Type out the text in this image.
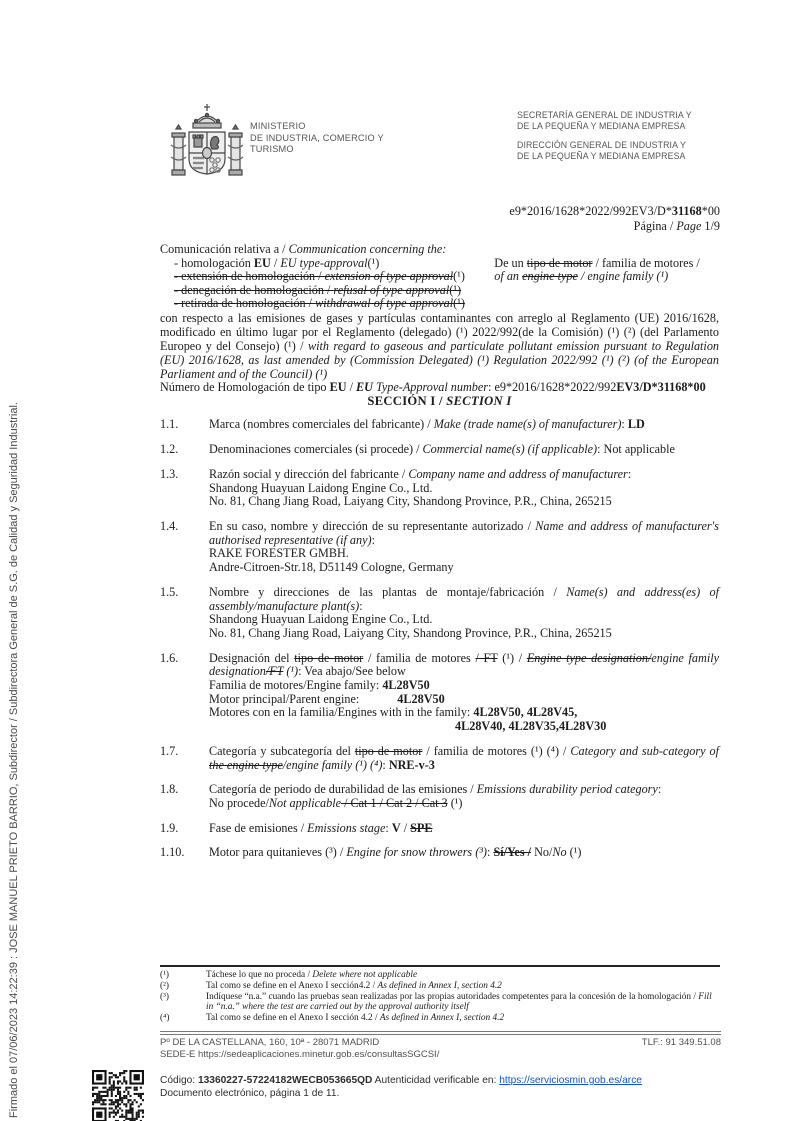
Firmado el 07/06/2023 14:22:39 : JOSE MANUEL PRIETO BARRIO, Subdirector / Subdirectora General de S.G. de Calidad y Seguridad Industrial.
MINISTERIO
DE INDUSTRIA, COMERCIO Y
TURISMO
SECRETARÍA GENERAL DE INDUSTRIA Y
DE LA PEQUEÑA Y MEDIANA EMPRESA
DIRECCIÓN GENERAL DE INDUSTRIA Y
DE LA PEQUEÑA Y MEDIANA EMPRESA
e9*2016/1628*2022/992EV3/D*31168*00
Página / Page 1/9

Comunicación relativa a / Communication concerning the:

- homologación EU / EU type-approval(¹)

- extensión de homologación / extension of type approval(¹)

- denegación de homologación / refusal of type approval(¹)

- retirada de homologación / withdrawal of type approval(¹)

De un tipo de motor / familia de motores /

of an engine type / engine family (¹)

con respecto a las emisiones de gases y partículas contaminantes con arreglo al Reglamento (UE) 2016/1628, modificado en último lugar por el Reglamento (delegado) (¹) 2022/992(de la Comisión) (¹) (²) (del Parlamento Europeo y del Consejo) (¹) / with regard to gaseous and particulate pollutant emission pursuant to Regulation (EU) 2016/1628, as last amended by (Commission Delegated) (¹) Regulation 2022/992 (¹) (²) (of the European Parliament and of the Council) (¹)

Número de Homologación de tipo EU / EU Type-Approval number: e9*2016/1628*2022/992EV3/D*31168*00

SECCIÓN I / SECTION I

1.1.	Marca (nombres comerciales del fabricante) / Make (trade name(s) of manufacturer): LD

1.2.	Denominaciones comerciales (si procede) / Commercial name(s) (if applicable): Not applicable

1.3.	Razón social y dirección del fabricante / Company name and address of manufacturer:

Shandong Huayuan Laidong Engine Co., Ltd.

No. 81, Chang Jiang Road, Laiyang City, Shandong Province, P.R., China, 265215

1.4.	En su caso, nombre y dirección de su representante autorizado / Name and address of manufacturer's authorised representative (if any):

RAKE FORESTER GMBH.

Andre-Citroen-Str.18, D51149 Cologne, Germany

1.5.	Nombre y direcciones de las plantas de montaje/fabricación / Name(s) and address(es) of assembly/manufacture plant(s):

Shandong Huayuan Laidong Engine Co., Ltd.

No. 81, Chang Jiang Road, Laiyang City, Shandong Province, P.R., China, 265215

1.6.	Designación del tipo de motor / familia de motores / FT (¹) / Engine type designation/engine family designation/FT (¹): Vea abajo/See below

Familia de motores/Engine family: 4L28V50

Motor principal/Parent engine:	4L28V50

Motores con en la familia/Engines with in the family: 4L28V50, 4L28V45,

4L28V40, 4L28V35,4L28V30

1.7.	Categoría y subcategoría del tipo de motor / familia de motores (¹) (⁴) / Category and sub-category of the engine type/engine family (¹) (⁴): NRE-v-3

1.8.	Categoría de periodo de durabilidad de las emisiones / Emissions durability period category:

No procede/Not applicable / Cat 1 / Cat 2 / Cat 3 (¹)

1.9.	Fase de emisiones / Emissions stage: V / SPE

1.10.	Motor para quitanieves (³) / Engine for snow throwers (³): Sí/Yes / No/No (¹)

(¹)	Táchese lo que no proceda / Delete where not applicable
(²)	Tal como se define en el Anexo I sección4.2 / As defined in Annex I, section 4.2
(³)	Indíquese “n.a.” cuando las pruebas sean realizadas por las propias autoridades competentes para la concesión de la homologación / Fill in “n.a.” where the test are carried out by the approval authority itself
(⁴)	Tal como se define en el Anexo I sección 4.2 / As defined in Annex I, section 4.2
Pº DE LA CASTELLANA, 160, 10ª - 28071 MADRID	TLF.: 91 349.51.08
SEDE-E https://sedeaplicaciones.minetur.gob.es/consultasSGCSI/
Código: 13360227-57224182WECB053665QD Autenticidad verificable en: https://serviciosmin.gob.es/arce
Documento electrónico, página 1 de 11.
